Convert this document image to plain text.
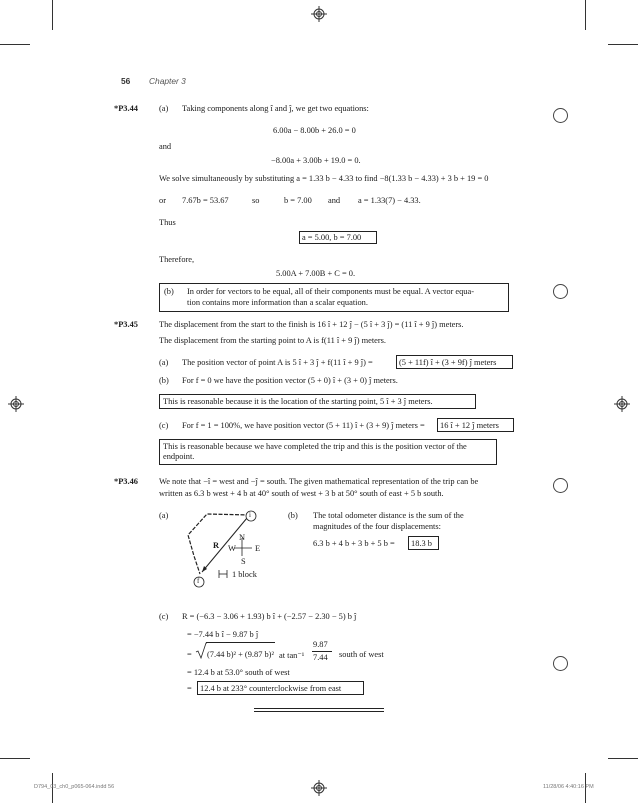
56 Chapter 3
*P3.44	(a) Taking components along î and ĵ, we get two equations:
6.00a − 8.00b + 26.0 = 0
and
−8.00a + 3.00b + 19.0 = 0.
We solve simultaneously by substituting a = 1.33 b − 4.33 to find −8(1.33 b − 4.33) + 3 b + 19 = 0
or 7.67b = 53.67	so	b = 7.00 and a = 1.33(7) − 4.33.
Thus
a = 5.00, b = 7.00
Therefore,
5.00A + 7.00B + C = 0.
(b) In order for vectors to be equal, all of their components must be equal. A vector equa-
tion contains more information than a scalar equation.
*P3.45	The displacement from the start to the finish is 16 î + 12 ĵ − (5 î + 3 ĵ) = (11 î + 9 ĵ) meters.
The displacement from the starting point to A is f(11 î + 9 ĵ) meters.
(a) The position vector of point A is 5 î + 3 ĵ + f(11 î + 9 ĵ) =	(5 + 11f) î + (3 + 9f) ĵ meters
(b) For f = 0 we have the position vector (5 + 0) î + (3 + 0) ĵ meters.
This is reasonable because it is the location of the starting point, 5 î + 3 ĵ meters.
(c) For f = 1 = 100%, we have position vector (5 + 11) î + (3 + 9) ĵ meters = 16 î + 12 ĵ meters
This is reasonable because we have completed the trip and this is the position vector of the
endpoint.
*P3.46	We note that −î = west and −ĵ = south. The given mathematical representation of the trip can be
written as 6.3 b west + 4 b at 40° south of west + 3 b at 50° south of east + 5 b south.
(a)	i
f
R
N
W E
S
1 block
(b) The total odometer distance is the sum of the
magnitudes of the four displacements:
6.3 b + 4 b + 3 b + 5 b = 18.3 b
(c) R = (−6.3 − 3.06 + 1.93) b î + (−2.57 − 2.30 − 5) b ĵ
= −7.44 b î − 9.87 b ĵ
= (7.44 b)² + (9.87 b)² at tan⁻¹
9.87
7.44 south of west
= 12.4 b at 53.0° south of west
= 12.4 b at 233° counterclockwise from east
D794_03_ch0_p065-064.indd 56	11/28/06 4:40:16 PM
